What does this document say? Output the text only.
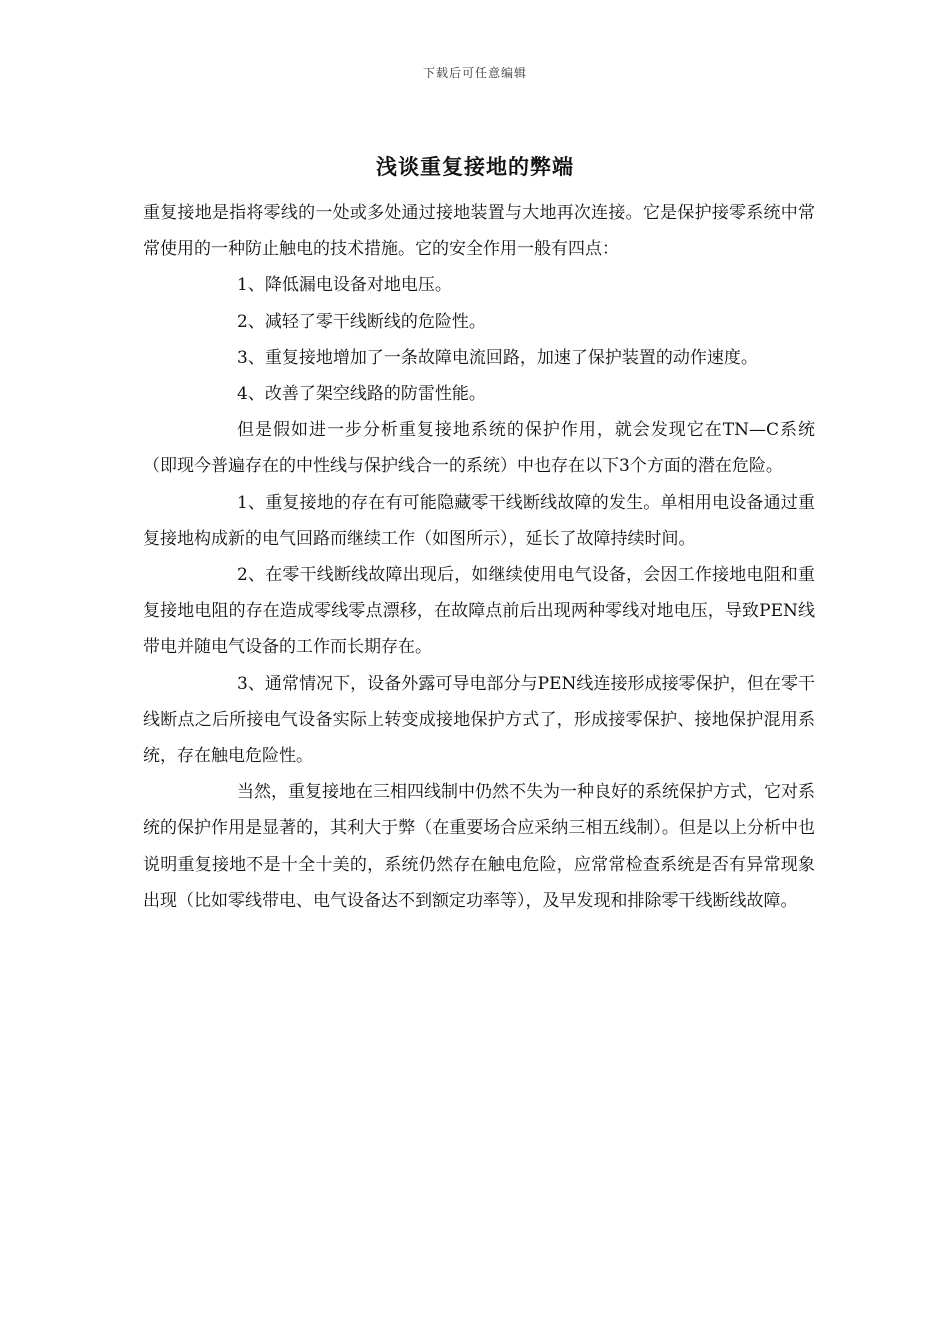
下载后可任意编辑
浅谈重复接地的弊端

重复接地是指将零线的一处或多处通过接地装置与大地再次连接。它是保护接零系统中常常使用的一种防止触电的技术措施。它的安全作用一般有四点：

1、降低漏电设备对地电压。

2、减轻了零干线断线的危险性。

3、重复接地增加了一条故障电流回路，加速了保护装置的动作速度。

4、改善了架空线路的防雷性能。

但是假如进一步分析重复接地系统的保护作用，就会发现它在TN—C系统（即现今普遍存在的中性线与保护线合一的系统）中也存在以下3个方面的潜在危险。

1、重复接地的存在有可能隐藏零干线断线故障的发生。单相用电设备通过重复接地构成新的电气回路而继续工作（如图所示），延长了故障持续时间。

2、在零干线断线故障出现后，如继续使用电气设备，会因工作接地电阻和重复接地电阻的存在造成零线零点漂移，在故障点前后出现两种零线对地电压，导致PEN线带电并随电气设备的工作而长期存在。

3、通常情况下，设备外露可导电部分与PEN线连接形成接零保护，但在零干线断点之后所接电气设备实际上转变成接地保护方式了，形成接零保护、接地保护混用系统，存在触电危险性。

当然，重复接地在三相四线制中仍然不失为一种良好的系统保护方式，它对系统的保护作用是显著的，其利大于弊（在重要场合应采纳三相五线制）。但是以上分析中也说明重复接地不是十全十美的，系统仍然存在触电危险，应常常检查系统是否有异常现象出现（比如零线带电、电气设备达不到额定功率等），及早发现和排除零干线断线故障。
